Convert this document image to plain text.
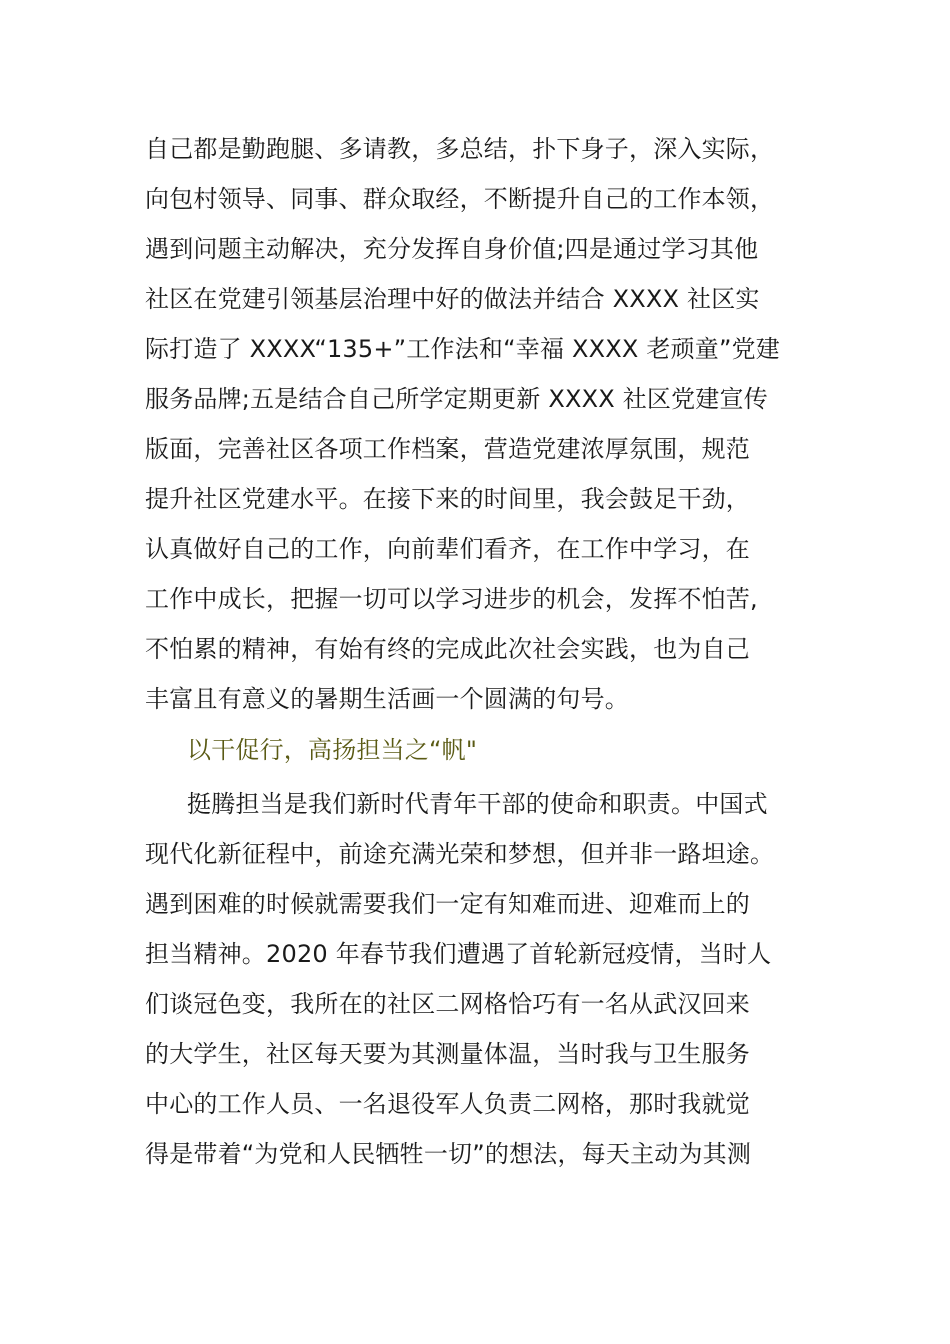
自己都是勤跑腿、多请教，多总结，扑下身子，深入实际，
向包村领导、同事、群众取经，不断提升自己的工作本领，
遇到问题主动解决，充分发挥自身价值;四是通过学习其他
社区在党建引领基层治理中好的做法并结合 XXXX 社区实
际打造了 XXXX“135+”工作法和“幸福 XXXX 老顽童”党建
服务品牌;五是结合自己所学定期更新 XXXX 社区党建宣传
版面，完善社区各项工作档案，营造党建浓厚氛围，规范
提升社区党建水平。在接下来的时间里，我会鼓足干劲，
认真做好自己的工作，向前辈们看齐，在工作中学习，在
工作中成长，把握一切可以学习进步的机会，发挥不怕苦,
不怕累的精神，有始有终的完成此次社会实践，也为自己
丰富且有意义的暑期生活画一个圆满的句号。
以干促行，高扬担当之“帆"
挺腾担当是我们新时代青年干部的使命和职责。中国式
现代化新征程中，前途充满光荣和梦想，但并非一路坦途。
遇到困难的时候就需要我们一定有知难而进、迎难而上的
担当精神。2020 年春节我们遭遇了首轮新冠疫情，当时人
们谈冠色变，我所在的社区二网格恰巧有一名从武汉回来
的大学生，社区每天要为其测量体温，当时我与卫生服务
中心的工作人员、一名退役军人负责二网格，那时我就觉
得是带着“为党和人民牺牲一切”的想法，每天主动为其测
